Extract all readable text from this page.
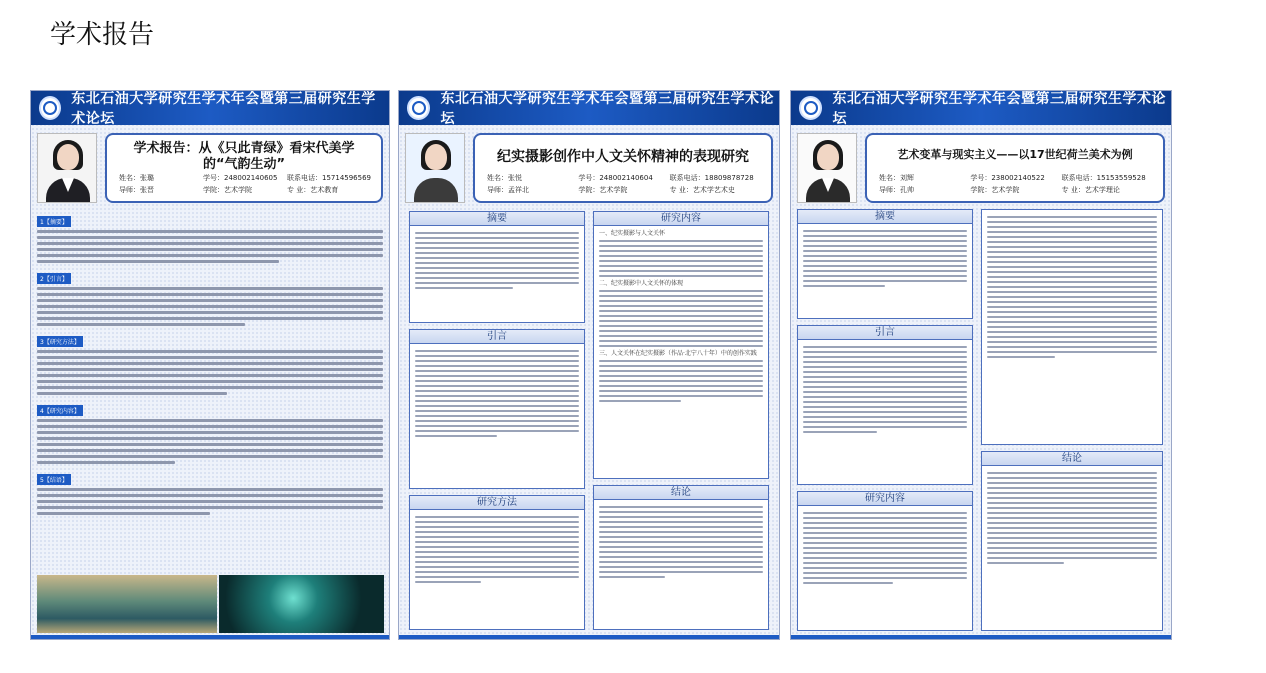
学术报告
东北石油大学研究生学术年会暨第三届研究生学术论坛
学术报告：从《只此青绿》看宋代美学的“气韵生动”
姓名：张璐	学号：248002140605	联系电话：15714596569
导师：张晋	学院：艺术学院	专 业：艺术教育
1【摘要】
2【引言】
3【研究方法】
4【研究内容】
5【结语】
东北石油大学研究生学术年会暨第三届研究生学术论坛
纪实摄影创作中人文关怀精神的表现研究
姓名：张悦	学号：248002140604	联系电话：18809878728
导师：孟祥北	学院：艺术学院	专 业：艺术学艺术史
摘要
引言
研究方法
研究内容
一、纪实摄影与人文关怀
二、纪实摄影中人文关怀的体现
三、人文关怀在纪实摄影（作品·北宁八十年）中的创作实践
结论
东北石油大学研究生学术年会暨第三届研究生学术论坛
艺术变革与现实主义——以17世纪荷兰美术为例
姓名：刘辉	学号：238002140522	联系电话：15153559528
导师：孔帅	学院：艺术学院	专 业：艺术学理论
摘要
引言
研究内容
结论
